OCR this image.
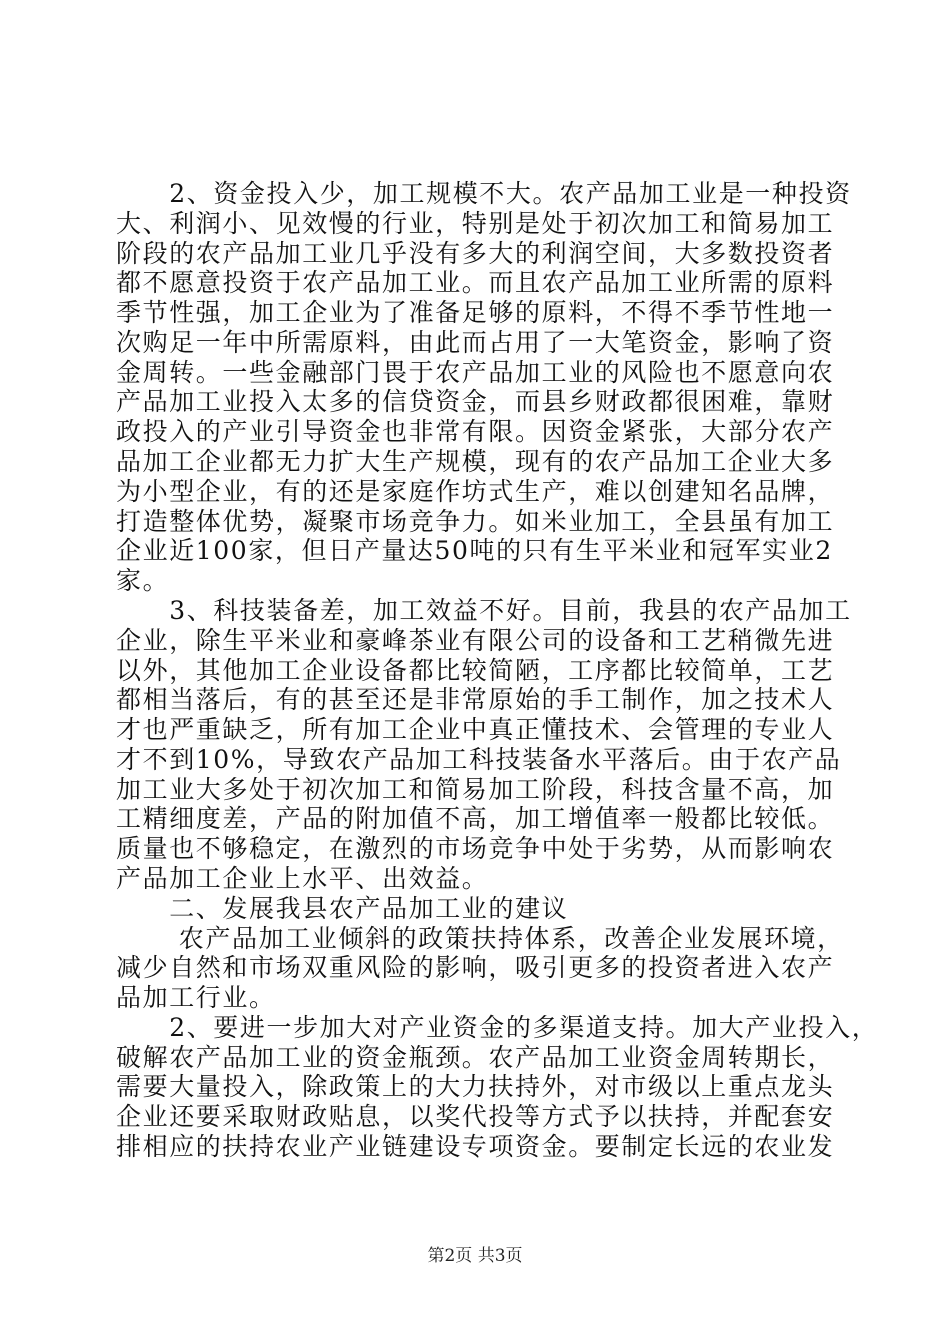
　　2、资金投入少，加工规模不大。农产品加工业是一种投资
大、利润小、见效慢的行业，特别是处于初次加工和简易加工
阶段的农产品加工业几乎没有多大的利润空间，大多数投资者
都不愿意投资于农产品加工业。而且农产品加工业所需的原料
季节性强，加工企业为了准备足够的原料，不得不季节性地一
次购足一年中所需原料，由此而占用了一大笔资金，影响了资
金周转。一些金融部门畏于农产品加工业的风险也不愿意向农
产品加工业投入太多的信贷资金，而县乡财政都很困难，靠财
政投入的产业引导资金也非常有限。因资金紧张，大部分农产
品加工企业都无力扩大生产规模，现有的农产品加工企业大多
为小型企业，有的还是家庭作坊式生产，难以创建知名品牌，
打造整体优势，凝聚市场竞争力。如米业加工，全县虽有加工
企业近100家，但日产量达50吨的只有生平米业和冠军实业2
家。
　　3、科技装备差，加工效益不好。目前，我县的农产品加工
企业，除生平米业和豪峰茶业有限公司的设备和工艺稍微先进
以外，其他加工企业设备都比较简陋，工序都比较简单，工艺
都相当落后，有的甚至还是非常原始的手工制作，加之技术人
才也严重缺乏，所有加工企业中真正懂技术、会管理的专业人
才不到10%，导致农产品加工科技装备水平落后。由于农产品
加工业大多处于初次加工和简易加工阶段，科技含量不高，加
工精细度差，产品的附加值不高，加工增值率一般都比较低。
质量也不够稳定，在激烈的市场竞争中处于劣势，从而影响农
产品加工企业上水平、出效益。
　　二、发展我县农产品加工业的建议
　　 农产品加工业倾斜的政策扶持体系，改善企业发展环境，
减少自然和市场双重风险的影响，吸引更多的投资者进入农产
品加工行业。
　　2、要进一步加大对产业资金的多渠道支持。加大产业投入，
破解农产品加工业的资金瓶颈。农产品加工业资金周转期长，
需要大量投入，除政策上的大力扶持外，对市级以上重点龙头
企业还要采取财政贴息，以奖代投等方式予以扶持，并配套安
排相应的扶持农业产业链建设专项资金。要制定长远的农业发
第2页 共3页
